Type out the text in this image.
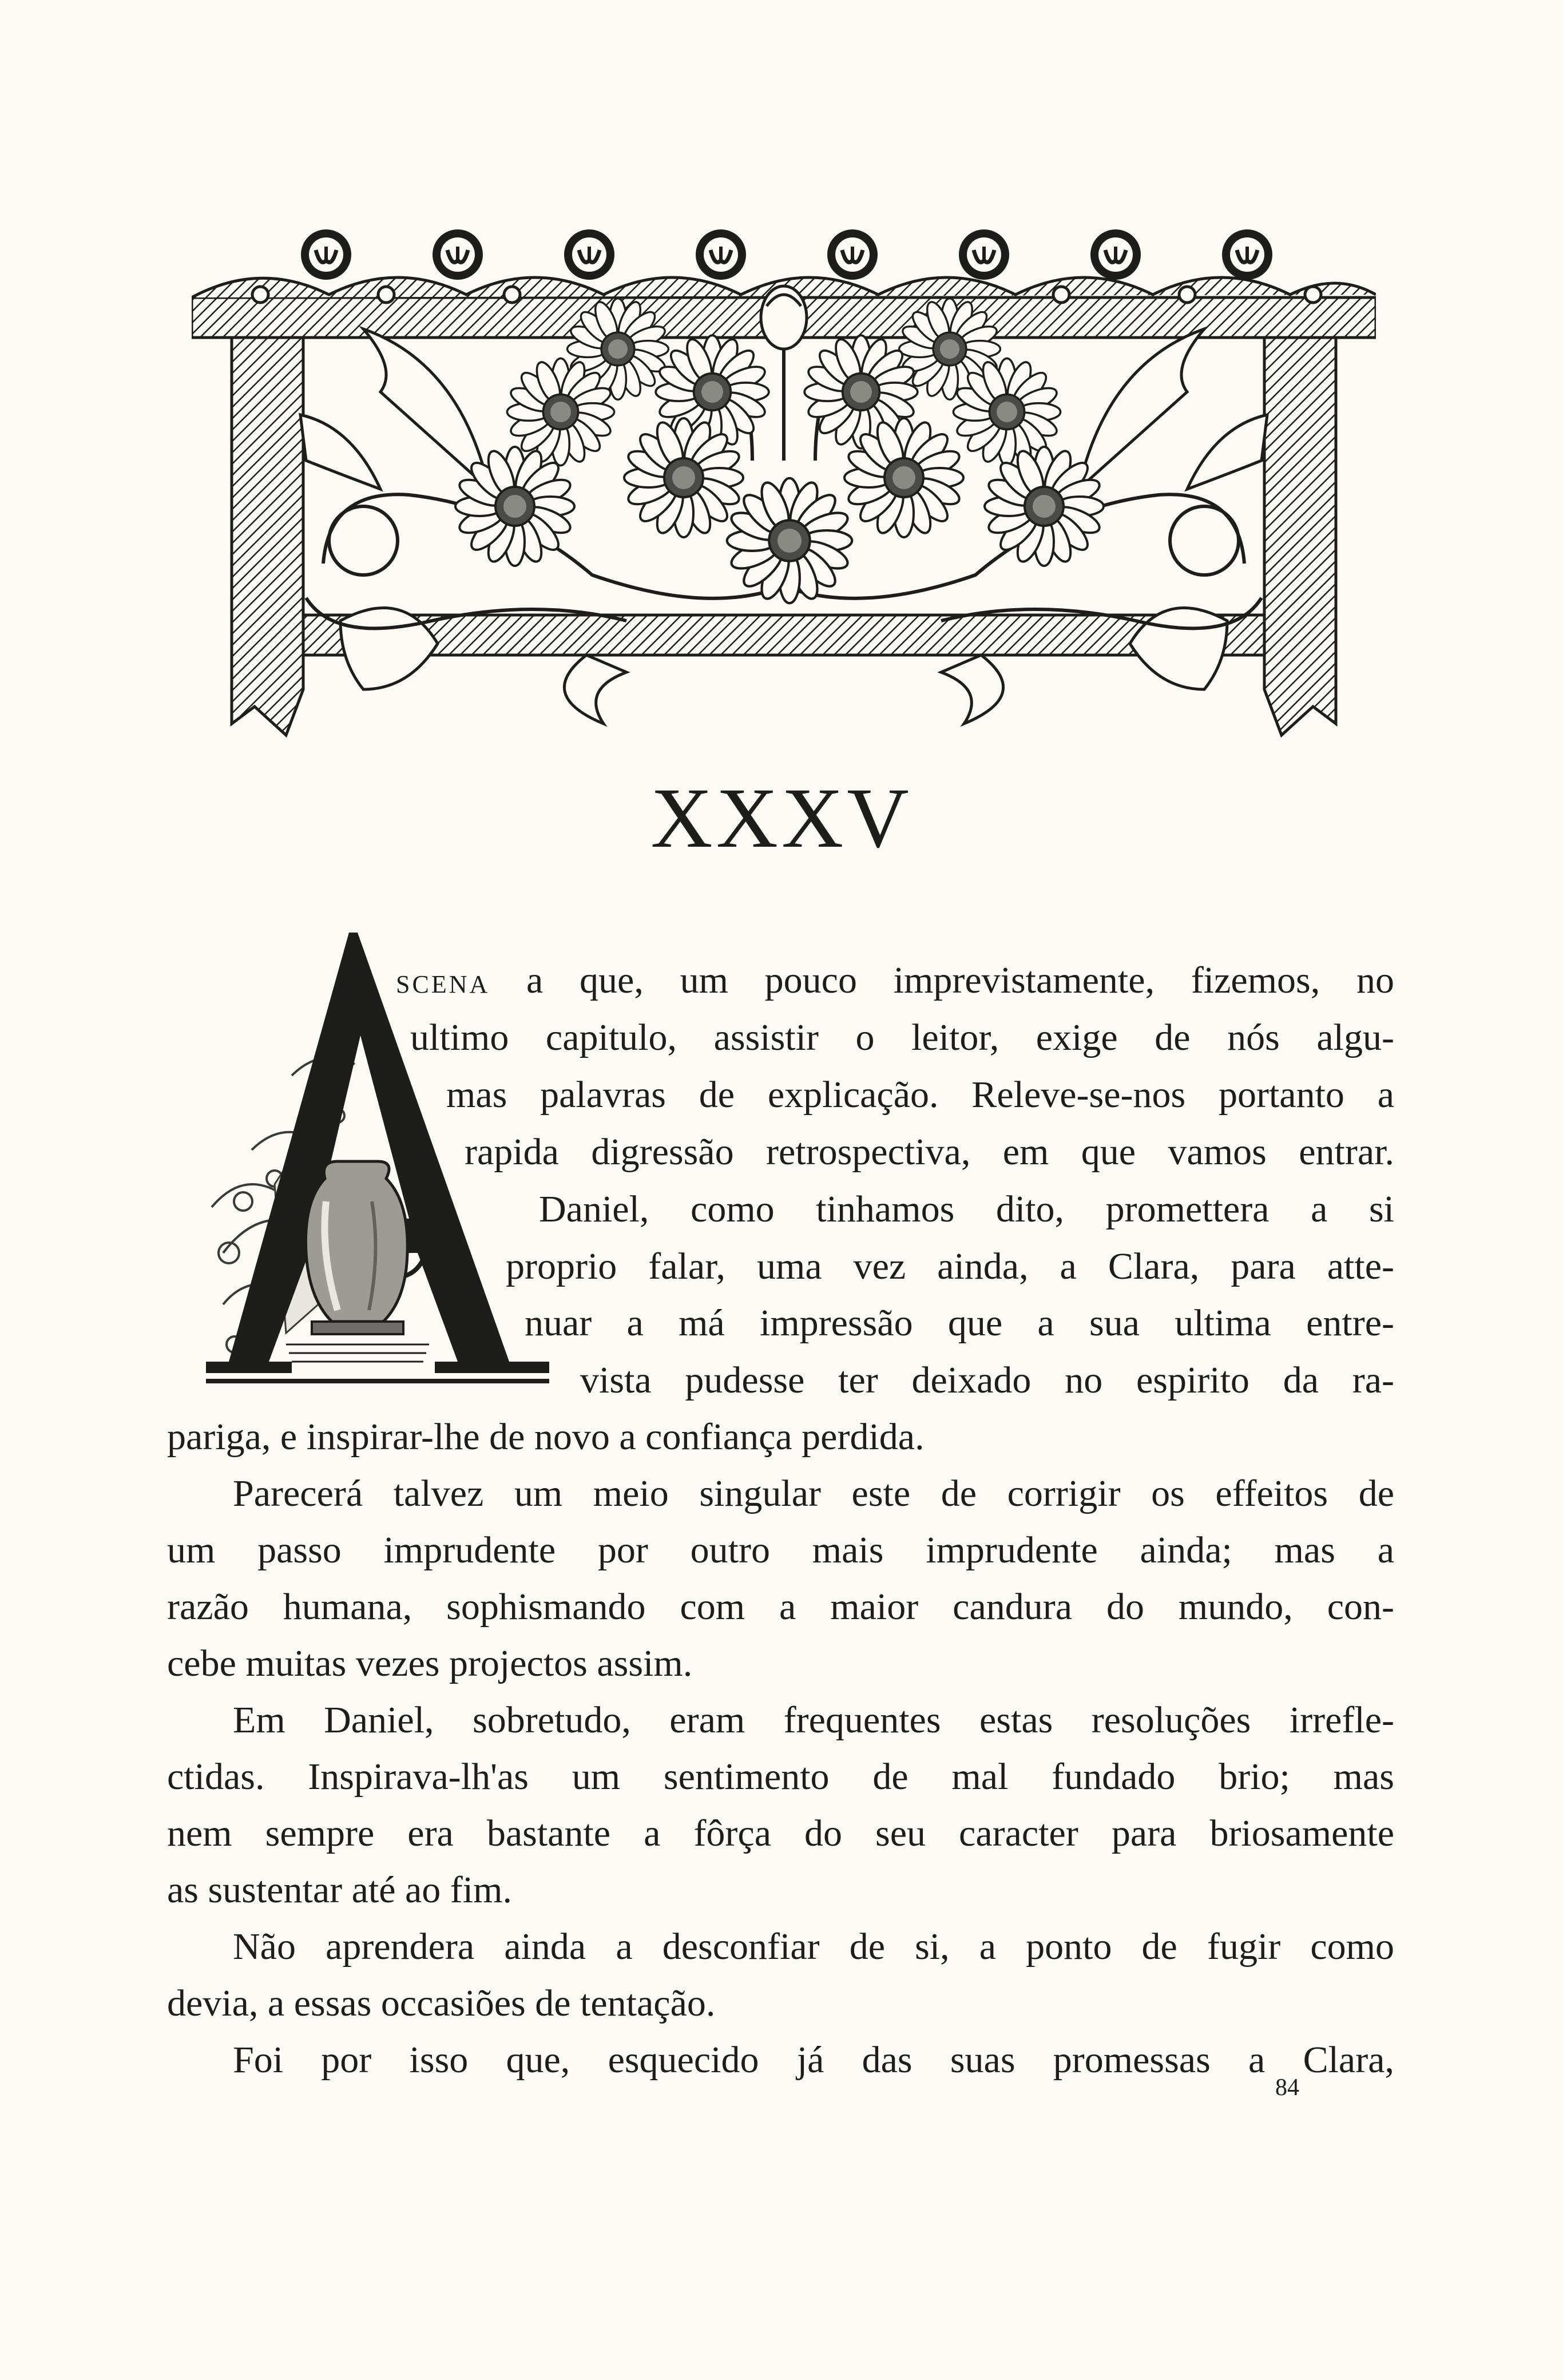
XXXV
SCENA a que, um pouco imprevistamente, fizemos, no
ultimo capitulo, assistir o leitor, exige de nós algu-
mas palavras de explicação. Releve-se-nos portanto a
rapida digressão retrospectiva, em que vamos entrar.
Daniel, como tinhamos dito, promettera a si
proprio falar, uma vez ainda, a Clara, para atte-
nuar a má impressão que a sua ultima entre-
vista pudesse ter deixado no espirito da ra-
pariga, e inspirar-lhe de novo a confiança perdida.
Parecerá talvez um meio singular este de corrigir os effeitos de
um passo imprudente por outro mais imprudente ainda; mas a
razão humana, sophismando com a maior candura do mundo, con-
cebe muitas vezes projectos assim.
Em Daniel, sobretudo, eram frequentes estas resoluções irrefle-
ctidas. Inspirava-lh'as um sentimento de mal fundado brio; mas
nem sempre era bastante a fôrça do seu caracter para briosamente
as sustentar até ao fim.
Não aprendera ainda a desconfiar de si, a ponto de fugir como
devia, a essas occasiões de tentação.
Foi por isso que, esquecido já das suas promessas a Clara,
84
